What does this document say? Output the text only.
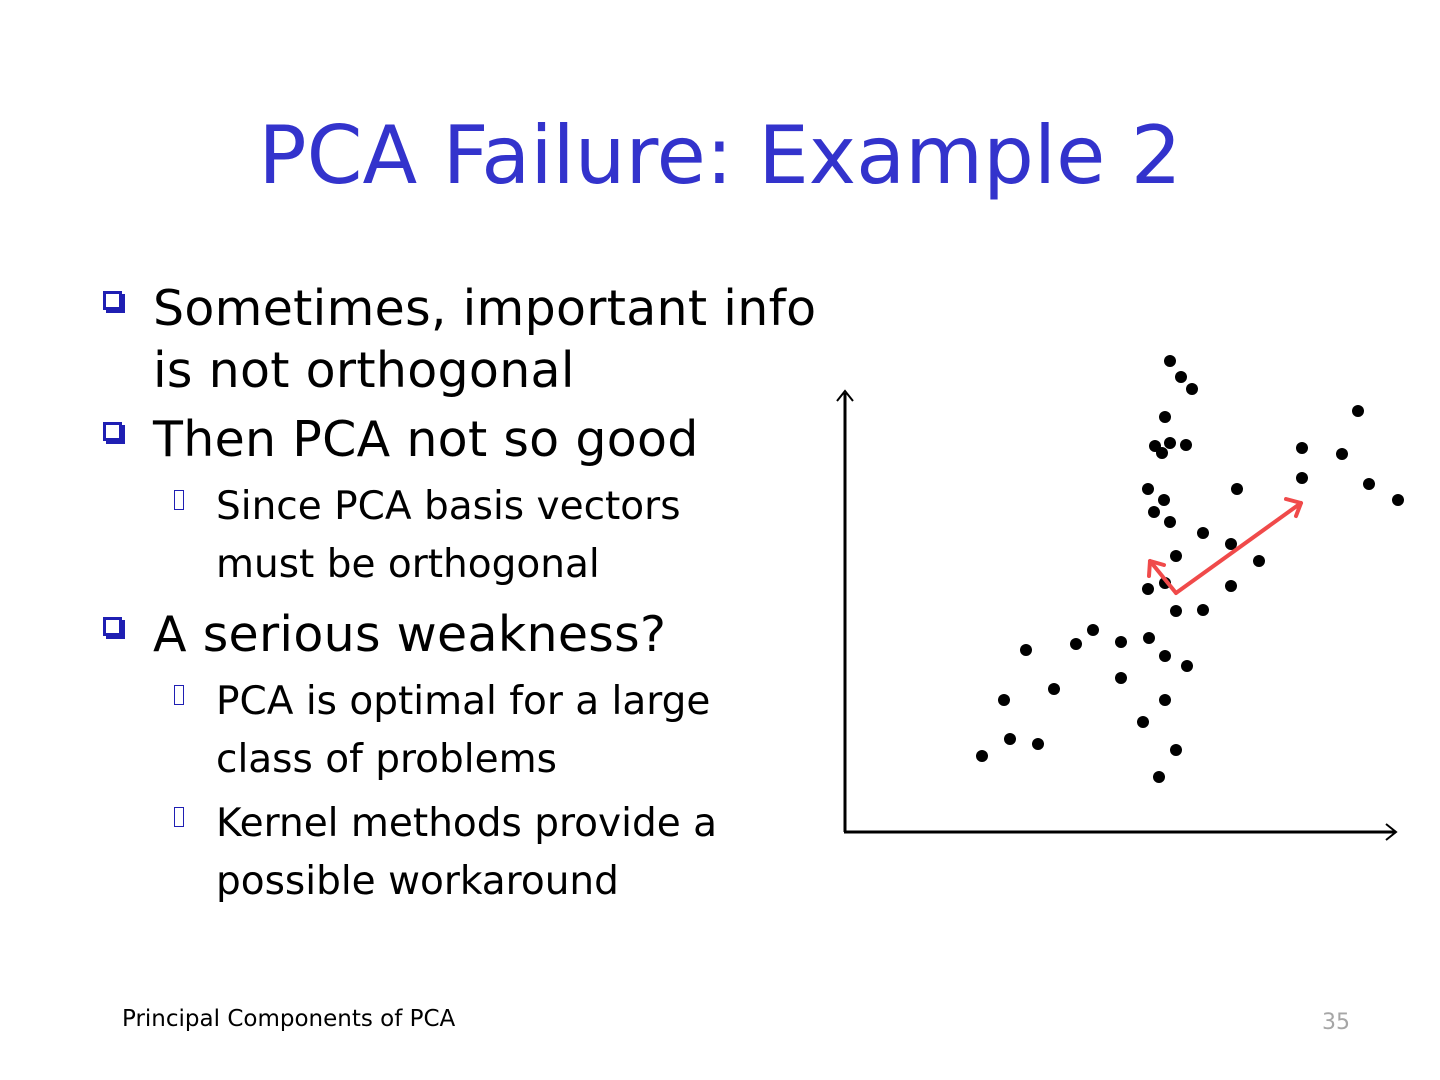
PCA Failure: Example 2
Sometimes, important info
is not orthogonal
Then PCA not so good
Since PCA basis vectors
must be orthogonal
A serious weakness?
PCA is optimal for a large
class of problems
Kernel methods provide a
possible workaround
Principal Components of PCA	35
